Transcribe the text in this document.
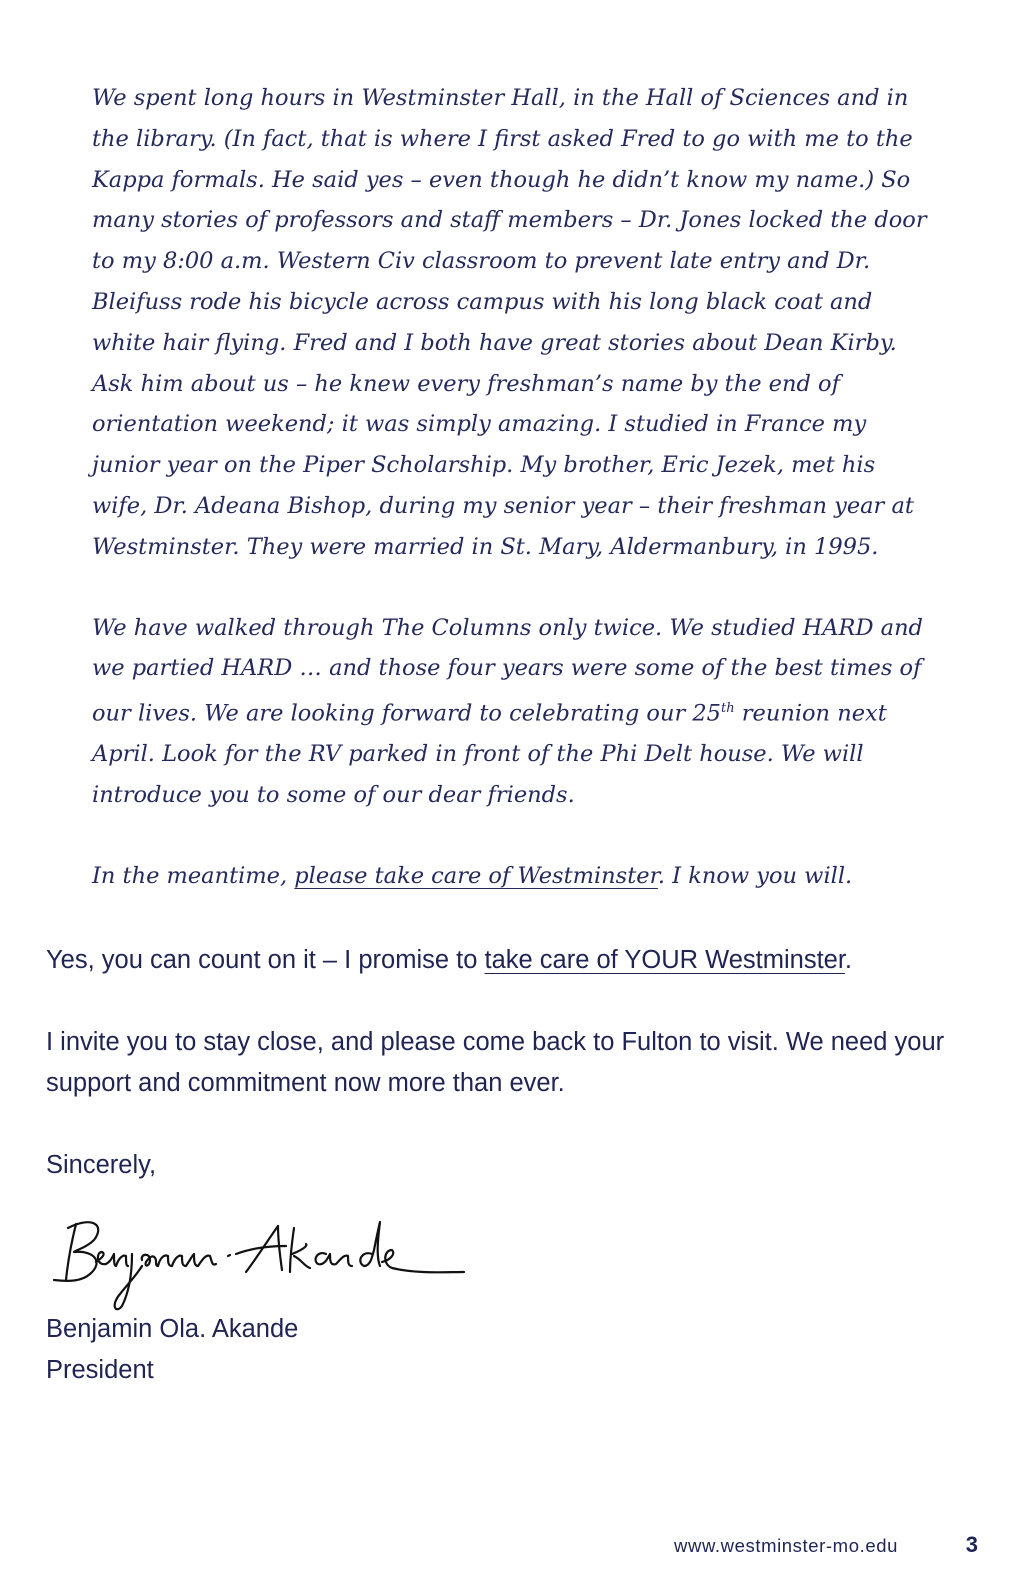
We spent long hours in Westminster Hall, in the Hall of Sciences and in the library. (In fact, that is where I first asked Fred to go with me to the Kappa formals. He said yes – even though he didn’t know my name.) So many stories of professors and staff members – Dr. Jones locked the door to my 8:00 a.m. Western Civ classroom to prevent late entry and Dr. Bleifuss rode his bicycle across campus with his long black coat and white hair flying. Fred and I both have great stories about Dean Kirby. Ask him about us – he knew every freshman’s name by the end of orientation weekend; it was simply amazing. I studied in France my junior year on the Piper Scholarship. My brother, Eric Jezek, met his wife, Dr. Adeana Bishop, during my senior year – their freshman year at Westminster. They were married in St. Mary, Aldermanbury, in 1995.

We have walked through The Columns only twice. We studied HARD and we partied HARD … and those four years were some of the best times of our lives. We are looking forward to celebrating our 25th reunion next April. Look for the RV parked in front of the Phi Delt house. We will introduce you to some of our dear friends.

In the meantime, please take care of Westminster. I know you will.

Yes, you can count on it – I promise to take care of YOUR Westminster.

I invite you to stay close, and please come back to Fulton to visit. We need your support and commitment now more than ever.

Sincerely,

Benjamin Ola. Akande

President

www.westminster-mo.edu	3
